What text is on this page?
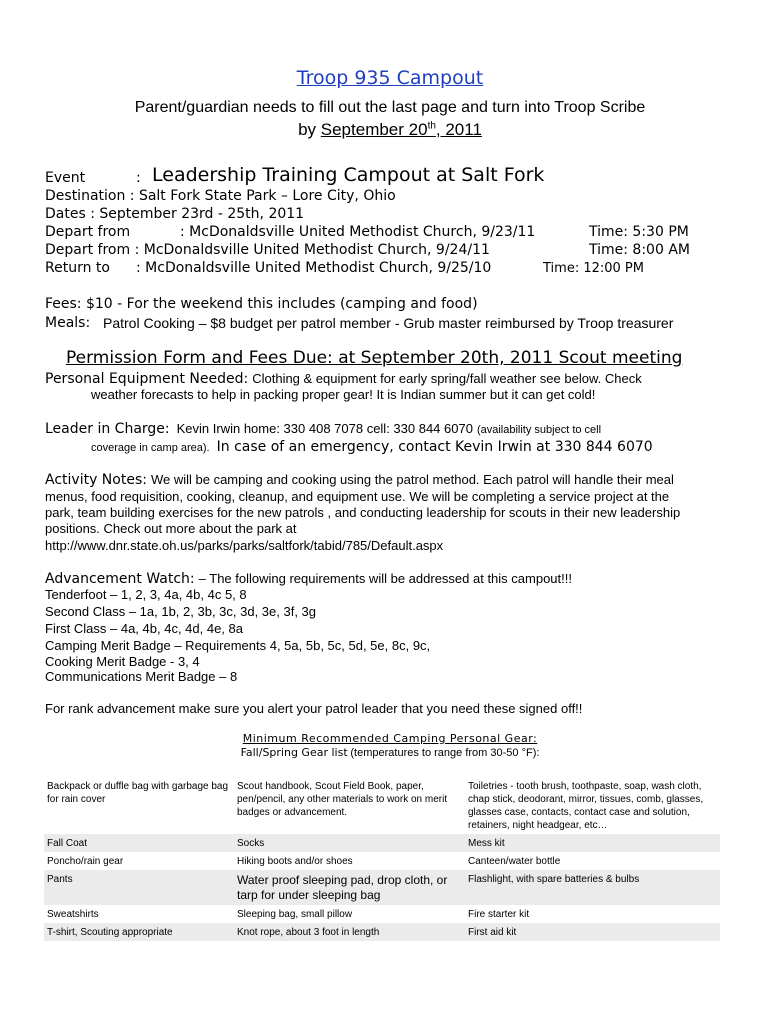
Troop 935 Campout
Parent/guardian needs to fill out the last page and turn into Troop Scribe
by September 20th, 2011
Event	: Leadership Training Campout at Salt Fork
Destination : Salt Fork State Park – Lore City, Ohio
Dates : September 23rd - 25th, 2011
Depart from	: McDonaldsville United Methodist Church, 9/23/11	Time: 5:30 PM
Depart from : McDonaldsville United Methodist Church, 9/24/11	Time: 8:00 AM
Return to : McDonaldsville United Methodist Church, 9/25/10	Time: 12:00 PM
Fees: $10 - For the weekend this includes (camping and food)
Meals: Patrol Cooking – $8 budget per patrol member - Grub master reimbursed by Troop treasurer
Permission Form and Fees Due: at September 20th, 2011 Scout meeting
Personal Equipment Needed: Clothing & equipment for early spring/fall weather see below. Check
weather forecasts to help in packing proper gear! It is Indian summer but it can get cold!
Leader in Charge: Kevin Irwin home: 330 408 7078 cell: 330 844 6070 (availability subject to cell
coverage in camp area). In case of an emergency, contact Kevin Irwin at 330 844 6070
Activity Notes: We will be camping and cooking using the patrol method. Each patrol will handle their meal
menus, food requisition, cooking, cleanup, and equipment use. We will be completing a service project at the
park, team building exercises for the new patrols , and conducting leadership for scouts in their new leadership
positions. Check out more about the park at
http://www.dnr.state.oh.us/parks/parks/saltfork/tabid/785/Default.aspx
Advancement Watch: – The following requirements will be addressed at this campout!!!
Tenderfoot – 1, 2, 3, 4a, 4b, 4c 5, 8
Second Class – 1a, 1b, 2, 3b, 3c, 3d, 3e, 3f, 3g
First Class – 4a, 4b, 4c, 4d, 4e, 8a
Camping Merit Badge – Requirements 4, 5a, 5b, 5c, 5d, 5e, 8c, 9c,
Cooking Merit Badge - 3, 4
Communications Merit Badge – 8
For rank advancement make sure you alert your patrol leader that you need these signed off!!
Minimum Recommended Camping Personal Gear:
Fall/Spring Gear list (temperatures to range from 30-50 °F):
Backpack or duffle bag with garbage bag for rain cover	Scout handbook, Scout Field Book, paper, pen/pencil, any other materials to work on merit badges or advancement.	Toiletries - tooth brush, toothpaste, soap, wash cloth, chap stick, deodorant, mirror, tissues, comb, glasses, glasses case, contacts, contact case and solution, retainers, night headgear, etc…
Fall Coat	Socks	Mess kit
Poncho/rain gear	Hiking boots and/or shoes	Canteen/water bottle
Pants	Water proof sleeping pad, drop cloth, or tarp for under sleeping bag	Flashlight, with spare batteries & bulbs
Sweatshirts	Sleeping bag, small pillow	Fire starter kit
T-shirt, Scouting appropriate	Knot rope, about 3 foot in length	First aid kit
